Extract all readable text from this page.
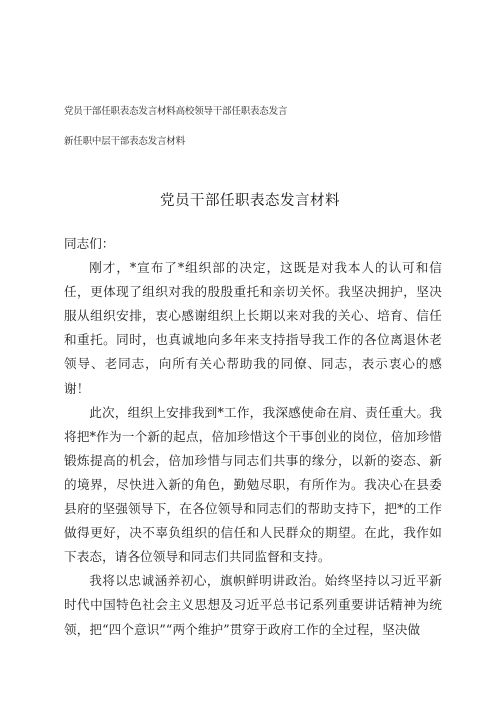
党员干部任职表态发言材料高校领导干部任职表态发言
新任职中层干部表态发言材料
党员干部任职表态发言材料

同志们：

刚才，*宣布了*组织部的决定，这既是对我本人的认可和信任，更体现了组织对我的殷殷重托和亲切关怀。我坚决拥护，坚决服从组织安排，衷心感谢组织上长期以来对我的关心、培育、信任和重托。同时，也真诚地向多年来支持指导我工作的各位离退休老领导、老同志，向所有关心帮助我的同僚、同志，表示衷心的感谢！

此次，组织上安排我到*工作，我深感使命在肩、责任重大。我将把*作为一个新的起点，倍加珍惜这个干事创业的岗位，倍加珍惜锻炼提高的机会，倍加珍惜与同志们共事的缘分，以新的姿态、新的境界，尽快进入新的角色，勤勉尽职，有所作为。我决心在县委县府的坚强领导下，在各位领导和同志们的帮助支持下，把*的工作做得更好，决不辜负组织的信任和人民群众的期望。在此，我作如下表态，请各位领导和同志们共同监督和支持。

我将以忠诚涵养初心，旗帜鲜明讲政治。始终坚持以习近平新时代中国特色社会主义思想及习近平总书记系列重要讲话精神为统领，把“四个意识”“两个维护”贯穿于政府工作的全过程，坚决做
